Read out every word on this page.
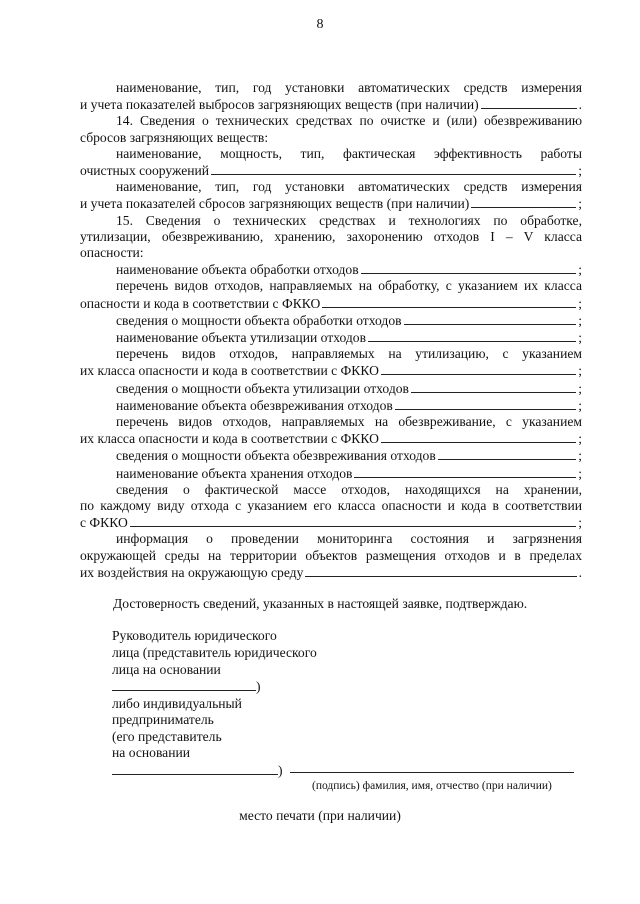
8

наименование, тип, год установки автоматических средств измерения

и учета показателей выбросов загрязняющих веществ (при наличии)	.

14. Сведения о технических средствах по очистке и (или) обезвреживанию

сбросов загрязняющих веществ:

наименование, мощность, тип, фактическая эффективность работы

очистных сооружений	;

наименование, тип, год установки автоматических средств измерения

и учета показателей сбросов загрязняющих веществ (при наличии)	;

15. Сведения о технических средствах и технологиях по обработке,

утилизации, обезвреживанию, хранению, захоронению отходов I – V класса

опасности:

наименование объекта обработки отходов	;

перечень видов отходов, направляемых на обработку, с указанием их класса

опасности и кода в соответствии с ФККО	;
сведения о мощности объекта обработки отходов	;
наименование объекта утилизации отходов	;

перечень видов отходов, направляемых на утилизацию, с указанием

их класса опасности и кода в соответствии с ФККО	;
сведения о мощности объекта утилизации отходов	;
наименование объекта обезвреживания отходов	;

перечень видов отходов, направляемых на обезвреживание, с указанием

их класса опасности и кода в соответствии с ФККО	;
сведения о мощности объекта обезвреживания отходов	;
наименование объекта хранения отходов	;

сведения о фактической массе отходов, находящихся на хранении,

по каждому виду отхода с указанием его класса опасности и кода в соответствии

с ФККО	;

информация о проведении мониторинга состояния и загрязнения

окружающей среды на территории объектов размещения отходов и в пределах

их воздействия на окружающую среду	.

Достоверность сведений, указанных в настоящей заявке, подтверждаю.

Руководитель юридического
лица (представитель юридического
лица на основании
)
либо индивидуальный
предприниматель
(его представитель
на основании
)
(подпись) фамилия, имя, отчество (при наличии)
место печати (при наличии)
